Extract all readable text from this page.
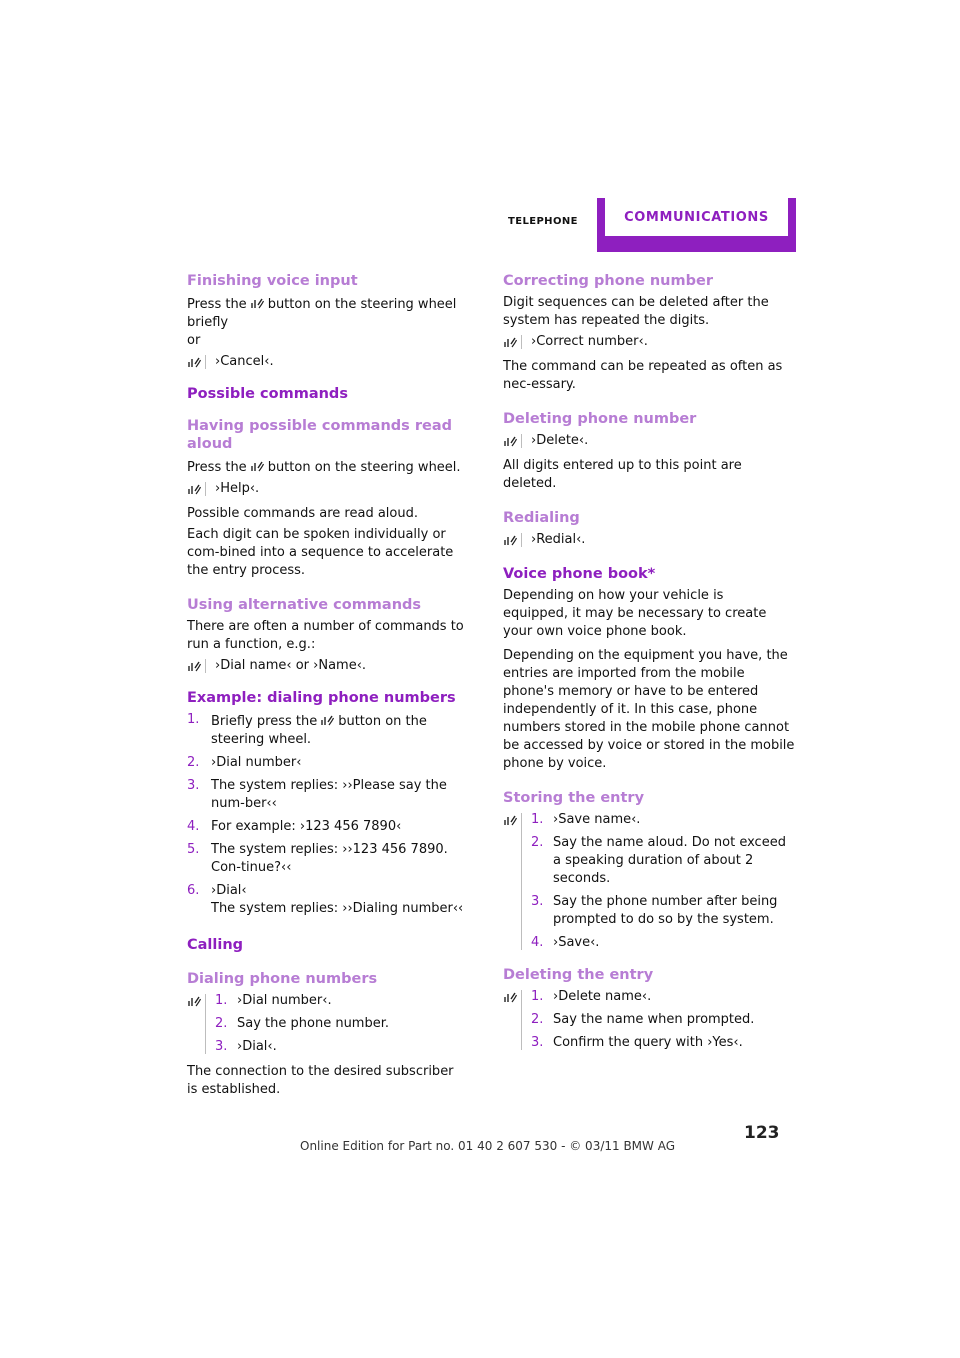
TELEPHONE	COMMUNICATIONS
Finishing voice input

Press the button on the steering wheel
briefly
or

›Cancel‹.
Possible commands
Having possible commands read aloud

Press the button on the steering wheel.

›Help‹.

Possible commands are read aloud.

Each digit can be spoken individually or com-bined into a sequence to accelerate the entry process.

Using alternative commands

There are often a number of commands to run a function, e.g.:

›Dial name‹ or ›Name‹.
Example: dialing phone numbers
1. Briefly press the button on the steering wheel.
2. ›Dial number‹
3. The system replies: ››Please say the num-ber‹‹
4. For example: ›123 456 7890‹
5. The system replies: ››123 456 7890. Con-tinue?‹‹
6. ›Dial‹
The system replies: ››Dialing number‹‹
Calling
Dialing phone numbers
1. ›Dial number‹.
2. Say the phone number.
3. ›Dial‹.

The connection to the desired subscriber is established.

Correcting phone number

Digit sequences can be deleted after the system has repeated the digits.

›Correct number‹.

The command can be repeated as often as nec-essary.

Deleting phone number
›Delete‹.

All digits entered up to this point are deleted.

Redialing
›Redial‹.
Voice phone book*

Depending on how your vehicle is equipped, it may be necessary to create your own voice phone book.

Depending on the equipment you have, the entries are imported from the mobile phone's memory or have to be entered independently of it. In this case, phone numbers stored in the mobile phone cannot be accessed by voice or stored in the mobile phone by voice.

Storing the entry
1. ›Save name‹.
2. Say the name aloud. Do not exceed a speaking duration of about 2 seconds.
3. Say the phone number after being prompted to do so by the system.
4. ›Save‹.
Deleting the entry
1. ›Delete name‹.
2. Say the name when prompted.
3. Confirm the query with ›Yes‹.
123
Online Edition for Part no. 01 40 2 607 530 - © 03/11 BMW AG
